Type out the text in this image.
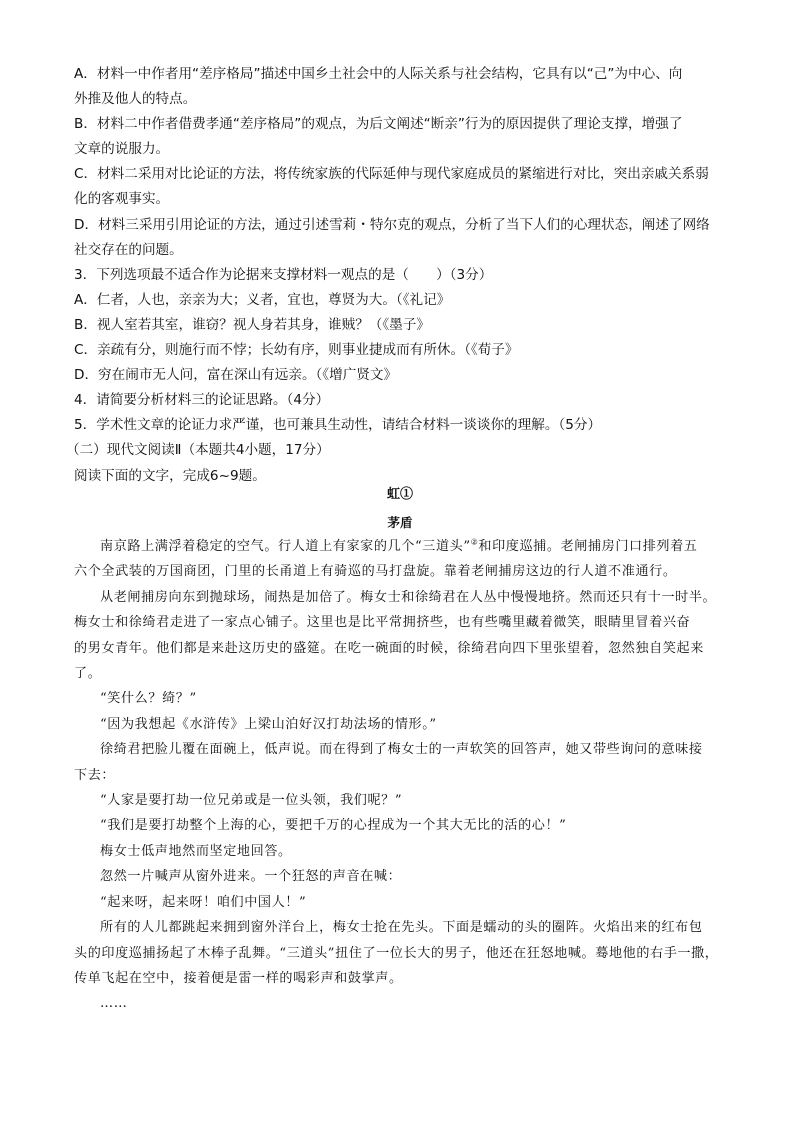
A．材料一中作者用“差序格局”描述中国乡土社会中的人际关系与社会结构，它具有以“己”为中心、向
外推及他人的特点。
B．材料二中作者借费孝通“差序格局”的观点，为后文阐述“断亲”行为的原因提供了理论支撑，增强了
文章的说服力。
C．材料二采用对比论证的方法，将传统家族的代际延伸与现代家庭成员的紧缩进行对比，突出亲戚关系弱
化的客观事实。
D．材料三采用引用论证的方法，通过引述雪莉・特尔克的观点，分析了当下人们的心理状态，阐述了网络
社交存在的问题。
3．下列选项最不适合作为论据来支撑材料一观点的是（　　）（3分）
A．仁者，人也，亲亲为大；义者，宜也，尊贤为大。（《礼记》
B．视人室若其室，谁窃？视人身若其身，谁贼？（《墨子》
C．亲疏有分，则施行而不悖；长幼有序，则事业捷成而有所休。（《荀子》
D．穷在闹市无人问，富在深山有远亲。（《增广贤文》
4．请简要分析材料三的论证思路。（4分）
5．学术性文章的论证力求严谨，也可兼具生动性，请结合材料一谈谈你的理解。（5分）
（二）现代文阅读Ⅱ（本题共4小题，17分）
阅读下面的文字，完成6~9题。
虹①
茅盾
南京路上满浮着稳定的空气。行人道上有家家的几个“三道头”②和印度巡捕。老闸捕房门口排列着五
六个全武装的万国商团，门里的长甬道上有骑巡的马打盘旋。靠着老闸捕房这边的行人道不准通行。
从老闸捕房向东到抛球场，闹热是加倍了。梅女士和徐绮君在人丛中慢慢地挤。然而还只有十一时半。
梅女士和徐绮君走进了一家点心铺子。这里也是比平常拥挤些，也有些嘴里藏着微笑，眼睛里冒着兴奋
的男女青年。他们都是来赴这历史的盛筵。在吃一碗面的时候，徐绮君向四下里张望着，忽然独自笑起来
了。
“笑什么？绮？”
“因为我想起《水浒传》上梁山泊好汉打劫法场的情形。”
徐绮君把脸儿覆在面碗上，低声说。而在得到了梅女士的一声软笑的回答声，她又带些询问的意味接
下去：
“人家是要打劫一位兄弟或是一位头领，我们呢？”
“我们是要打劫整个上海的心，要把千万的心捏成为一个其大无比的活的心！”
梅女士低声地然而坚定地回答。
忽然一片喊声从窗外进来。一个狂怒的声音在喊：
“起来呀，起来呀！咱们中国人！”
所有的人儿都跳起来拥到窗外洋台上，梅女士抢在先头。下面是蠕动的头的圈阵。火焰出来的红布包
头的印度巡捕扬起了木棒子乱舞。“三道头”扭住了一位长大的男子，他还在狂怒地喊。蓦地他的右手一撒，
传单飞起在空中，接着便是雷一样的喝彩声和鼓掌声。
……
